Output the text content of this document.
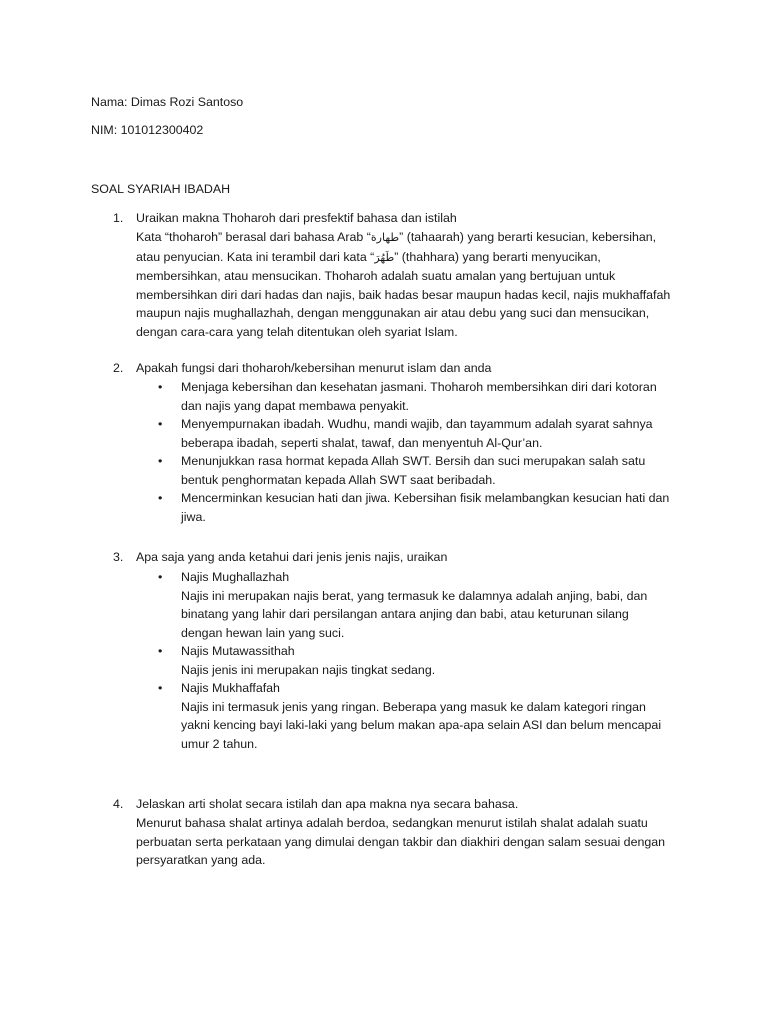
Nama: Dimas Rozi Santoso
NIM: 101012300402
SOAL SYARIAH IBADAH
1. Uraikan makna Thoharoh dari presfektif bahasa dan istilah
Kata “thoharoh” berasal dari bahasa Arab “طهارة” (tahaarah) yang berarti kesucian, kebersihan,
atau penyucian. Kata ini terambil dari kata “طَهُرَ” (thahhara) yang berarti menyucikan,
membersihkan, atau mensucikan. Thoharoh adalah suatu amalan yang bertujuan untuk
membersihkan diri dari hadas dan najis, baik hadas besar maupun hadas kecil, najis mukhaffafah
maupun najis mughallazhah, dengan menggunakan air atau debu yang suci dan mensucikan,
dengan cara-cara yang telah ditentukan oleh syariat Islam.
2. Apakah fungsi dari thoharoh/kebersihan menurut islam dan anda
• Menjaga kebersihan dan kesehatan jasmani. Thoharoh membersihkan diri dari kotoran
dan najis yang dapat membawa penyakit.
• Menyempurnakan ibadah. Wudhu, mandi wajib, dan tayammum adalah syarat sahnya
beberapa ibadah, seperti shalat, tawaf, dan menyentuh Al-Qur’an.
• Menunjukkan rasa hormat kepada Allah SWT. Bersih dan suci merupakan salah satu
bentuk penghormatan kepada Allah SWT saat beribadah.
• Mencerminkan kesucian hati dan jiwa. Kebersihan fisik melambangkan kesucian hati dan
jiwa.
3. Apa saja yang anda ketahui dari jenis jenis najis, uraikan
• Najis Mughallazhah
Najis ini merupakan najis berat, yang termasuk ke dalamnya adalah anjing, babi, dan
binatang yang lahir dari persilangan antara anjing dan babi, atau keturunan silang
dengan hewan lain yang suci.
• Najis Mutawassithah
Najis jenis ini merupakan najis tingkat sedang.
• Najis Mukhaffafah
Najis ini termasuk jenis yang ringan. Beberapa yang masuk ke dalam kategori ringan
yakni kencing bayi laki-laki yang belum makan apa-apa selain ASI dan belum mencapai
umur 2 tahun.
4. Jelaskan arti sholat secara istilah dan apa makna nya secara bahasa.
Menurut bahasa shalat artinya adalah berdoa, sedangkan menurut istilah shalat adalah suatu
perbuatan serta perkataan yang dimulai dengan takbir dan diakhiri dengan salam sesuai dengan
persyaratkan yang ada.
